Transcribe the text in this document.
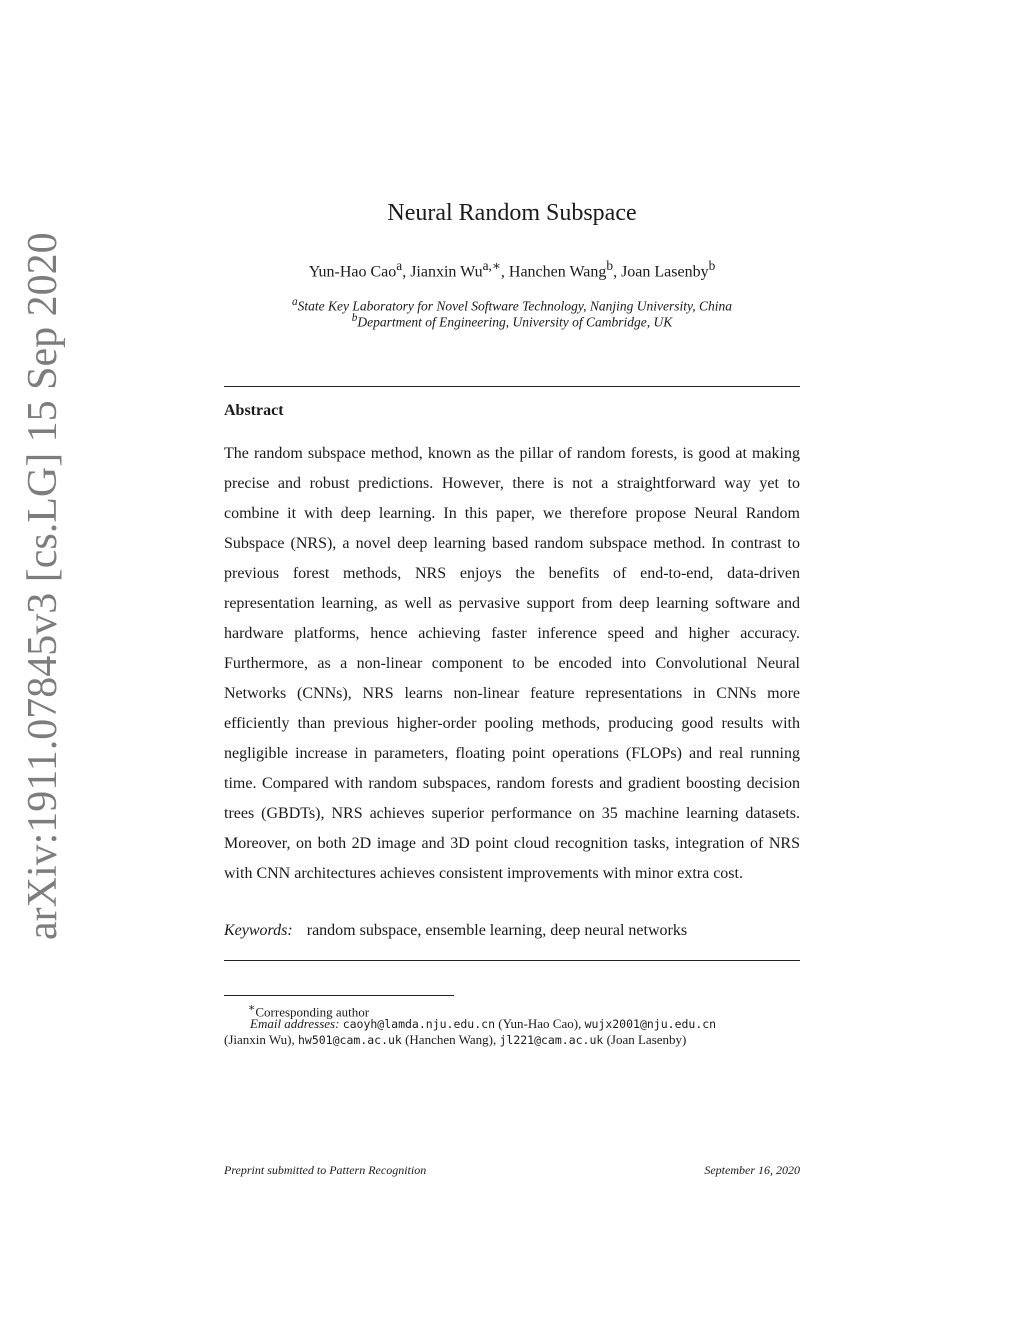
arXiv:1911.07845v3 [cs.LG] 15 Sep 2020
Neural Random Subspace
Yun-Hao Cao$^a$, Jianxin $Wu^{a,∗}$, Hanchen Wang$^b$, Joan Lasenby$^b$
$^a$State Key Laboratory for Novel Software Technology, Nanjing University, China
$^b$Department of Engineering, University of Cambridge, UK
Abstract
The random subspace method, known as the pillar of random forests, is good at making precise and robust predictions. However, there is not a straightforward way yet to combine it with deep learning. In this paper, we therefore propose Neural Random Subspace (NRS), a novel deep learning based random subspace method. In contrast to previous forest methods, NRS enjoys the benefits of end-to-end, data-driven representation learning, as well as pervasive support from deep learning software and hardware platforms, hence achieving faster inference speed and higher accuracy. Furthermore, as a non-linear component to be encoded into Convolutional Neural Networks (CNNs), NRS learns non-linear feature representations in CNNs more efficiently than previous higher-order pooling methods, producing good results with negligible increase in parameters, floating point operations (FLOPs) and real running time. Compared with random subspaces, random forests and gradient boosting decision trees (GBDTs), NRS achieves superior performance on 35 machine learning datasets. Moreover, on both 2D image and 3D point cloud recognition tasks, integration of NRS with CNN architectures achieves consistent improvements with minor extra cost.
Keywords: random subspace, ensemble learning, deep neural networks
∗Corresponding author
Email addresses: caoyh@lamda.nju.edu.cn (Yun-Hao Cao), wujx2001@nju.edu.cn
(Jianxin Wu), hw501@cam.ac.uk (Hanchen Wang), jl221@cam.ac.uk (Joan Lasenby)
Preprint submitted to Pattern Recognition	September 16, 2020
